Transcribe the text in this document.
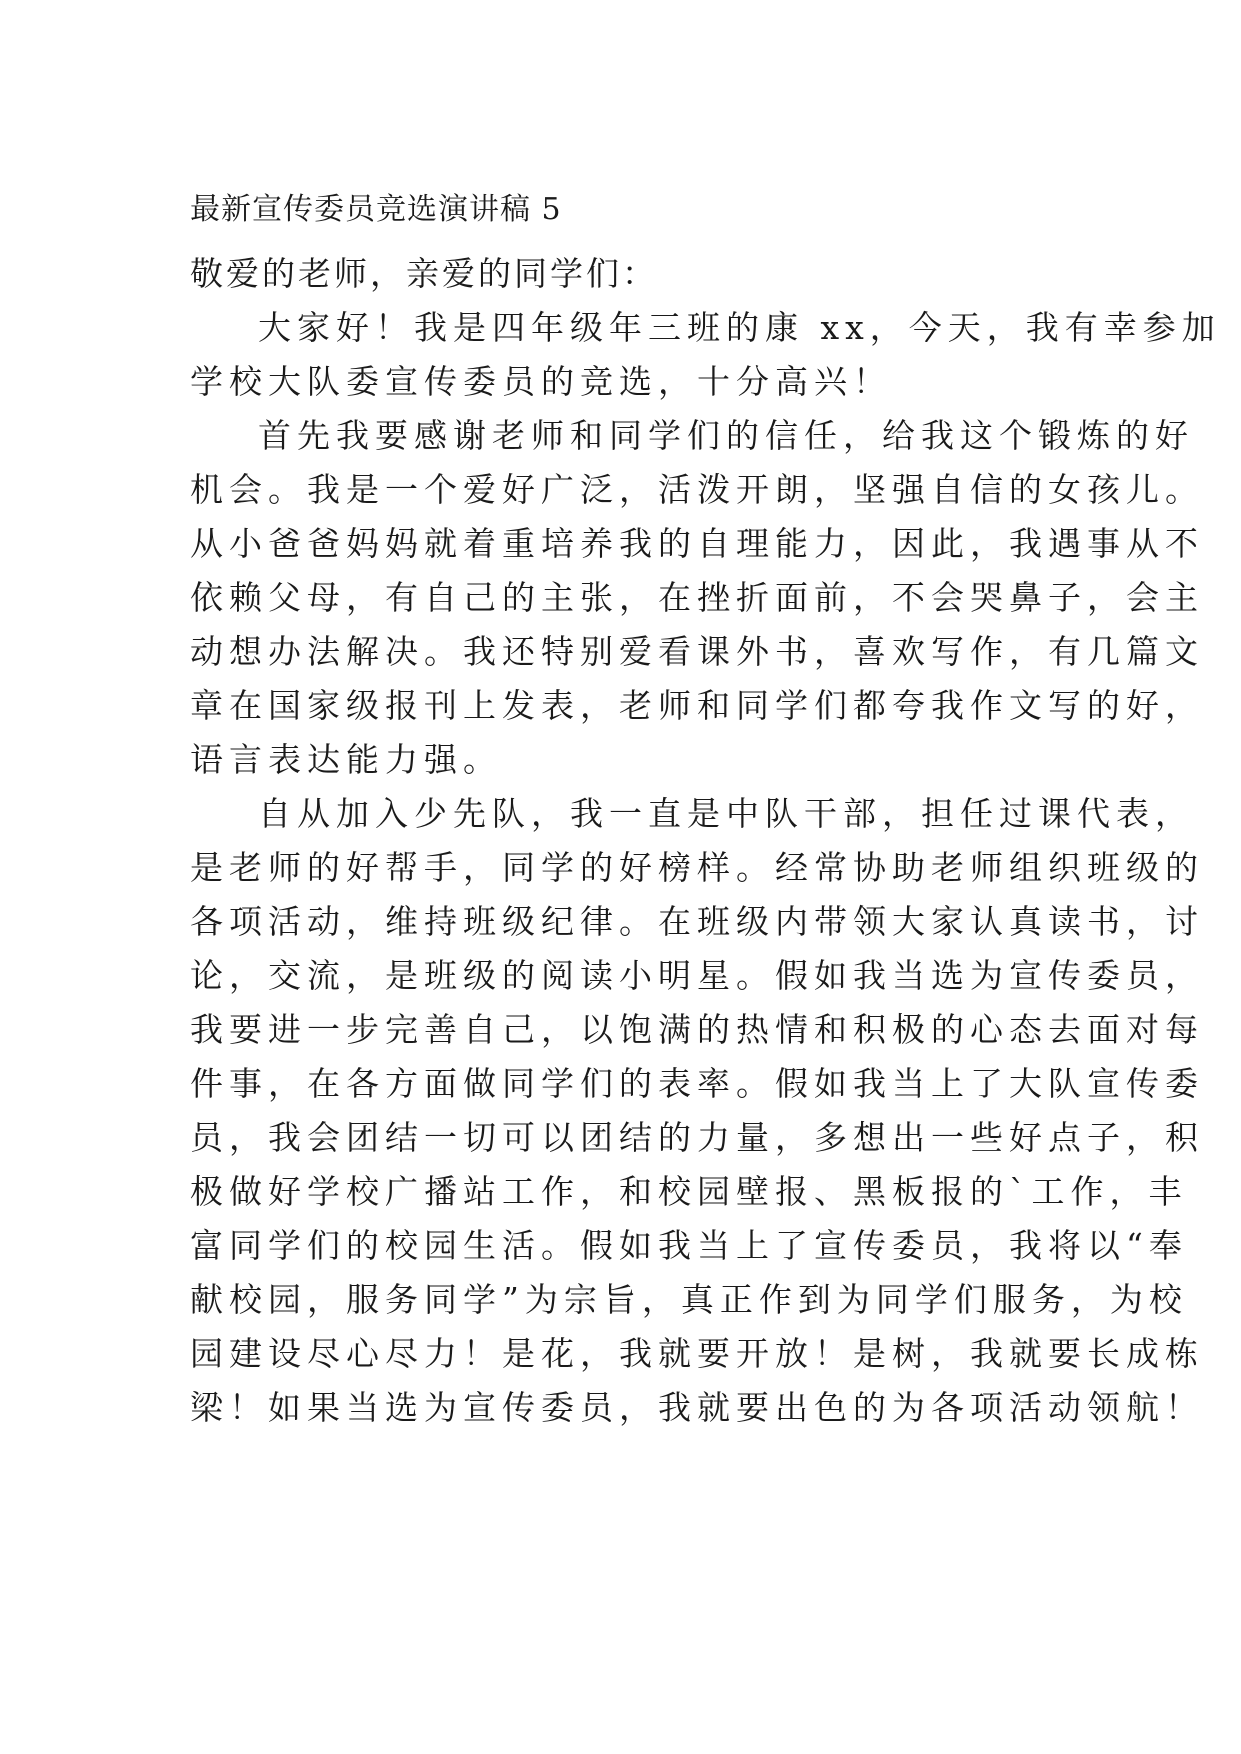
最新宣传委员竞选演讲稿 5
敬爱的老师，亲爱的同学们：
大家好！我是四年级年三班的康 xx，今天，我有幸参加
学校大队委宣传委员的竞选，十分高兴！
首先我要感谢老师和同学们的信任，给我这个锻炼的好
机会。我是一个爱好广泛，活泼开朗，坚强自信的女孩儿。
从小爸爸妈妈就着重培养我的自理能力，因此，我遇事从不
依赖父母，有自己的主张，在挫折面前，不会哭鼻子，会主
动想办法解决。我还特别爱看课外书，喜欢写作，有几篇文
章在国家级报刊上发表，老师和同学们都夸我作文写的好，
语言表达能力强。
自从加入少先队，我一直是中队干部，担任过课代表，
是老师的好帮手，同学的好榜样。经常协助老师组织班级的
各项活动，维持班级纪律。在班级内带领大家认真读书，讨
论，交流，是班级的阅读小明星。假如我当选为宣传委员，
我要进一步完善自己，以饱满的热情和积极的心态去面对每
件事，在各方面做同学们的表率。假如我当上了大队宣传委
员，我会团结一切可以团结的力量，多想出一些好点子，积
极做好学校广播站工作，和校园壁报、黑板报的`工作，丰
富同学们的校园生活。假如我当上了宣传委员，我将以“奉
献校园，服务同学”为宗旨，真正作到为同学们服务，为校
园建设尽心尽力！是花，我就要开放！是树，我就要长成栋
梁！如果当选为宣传委员，我就要出色的为各项活动领航！
